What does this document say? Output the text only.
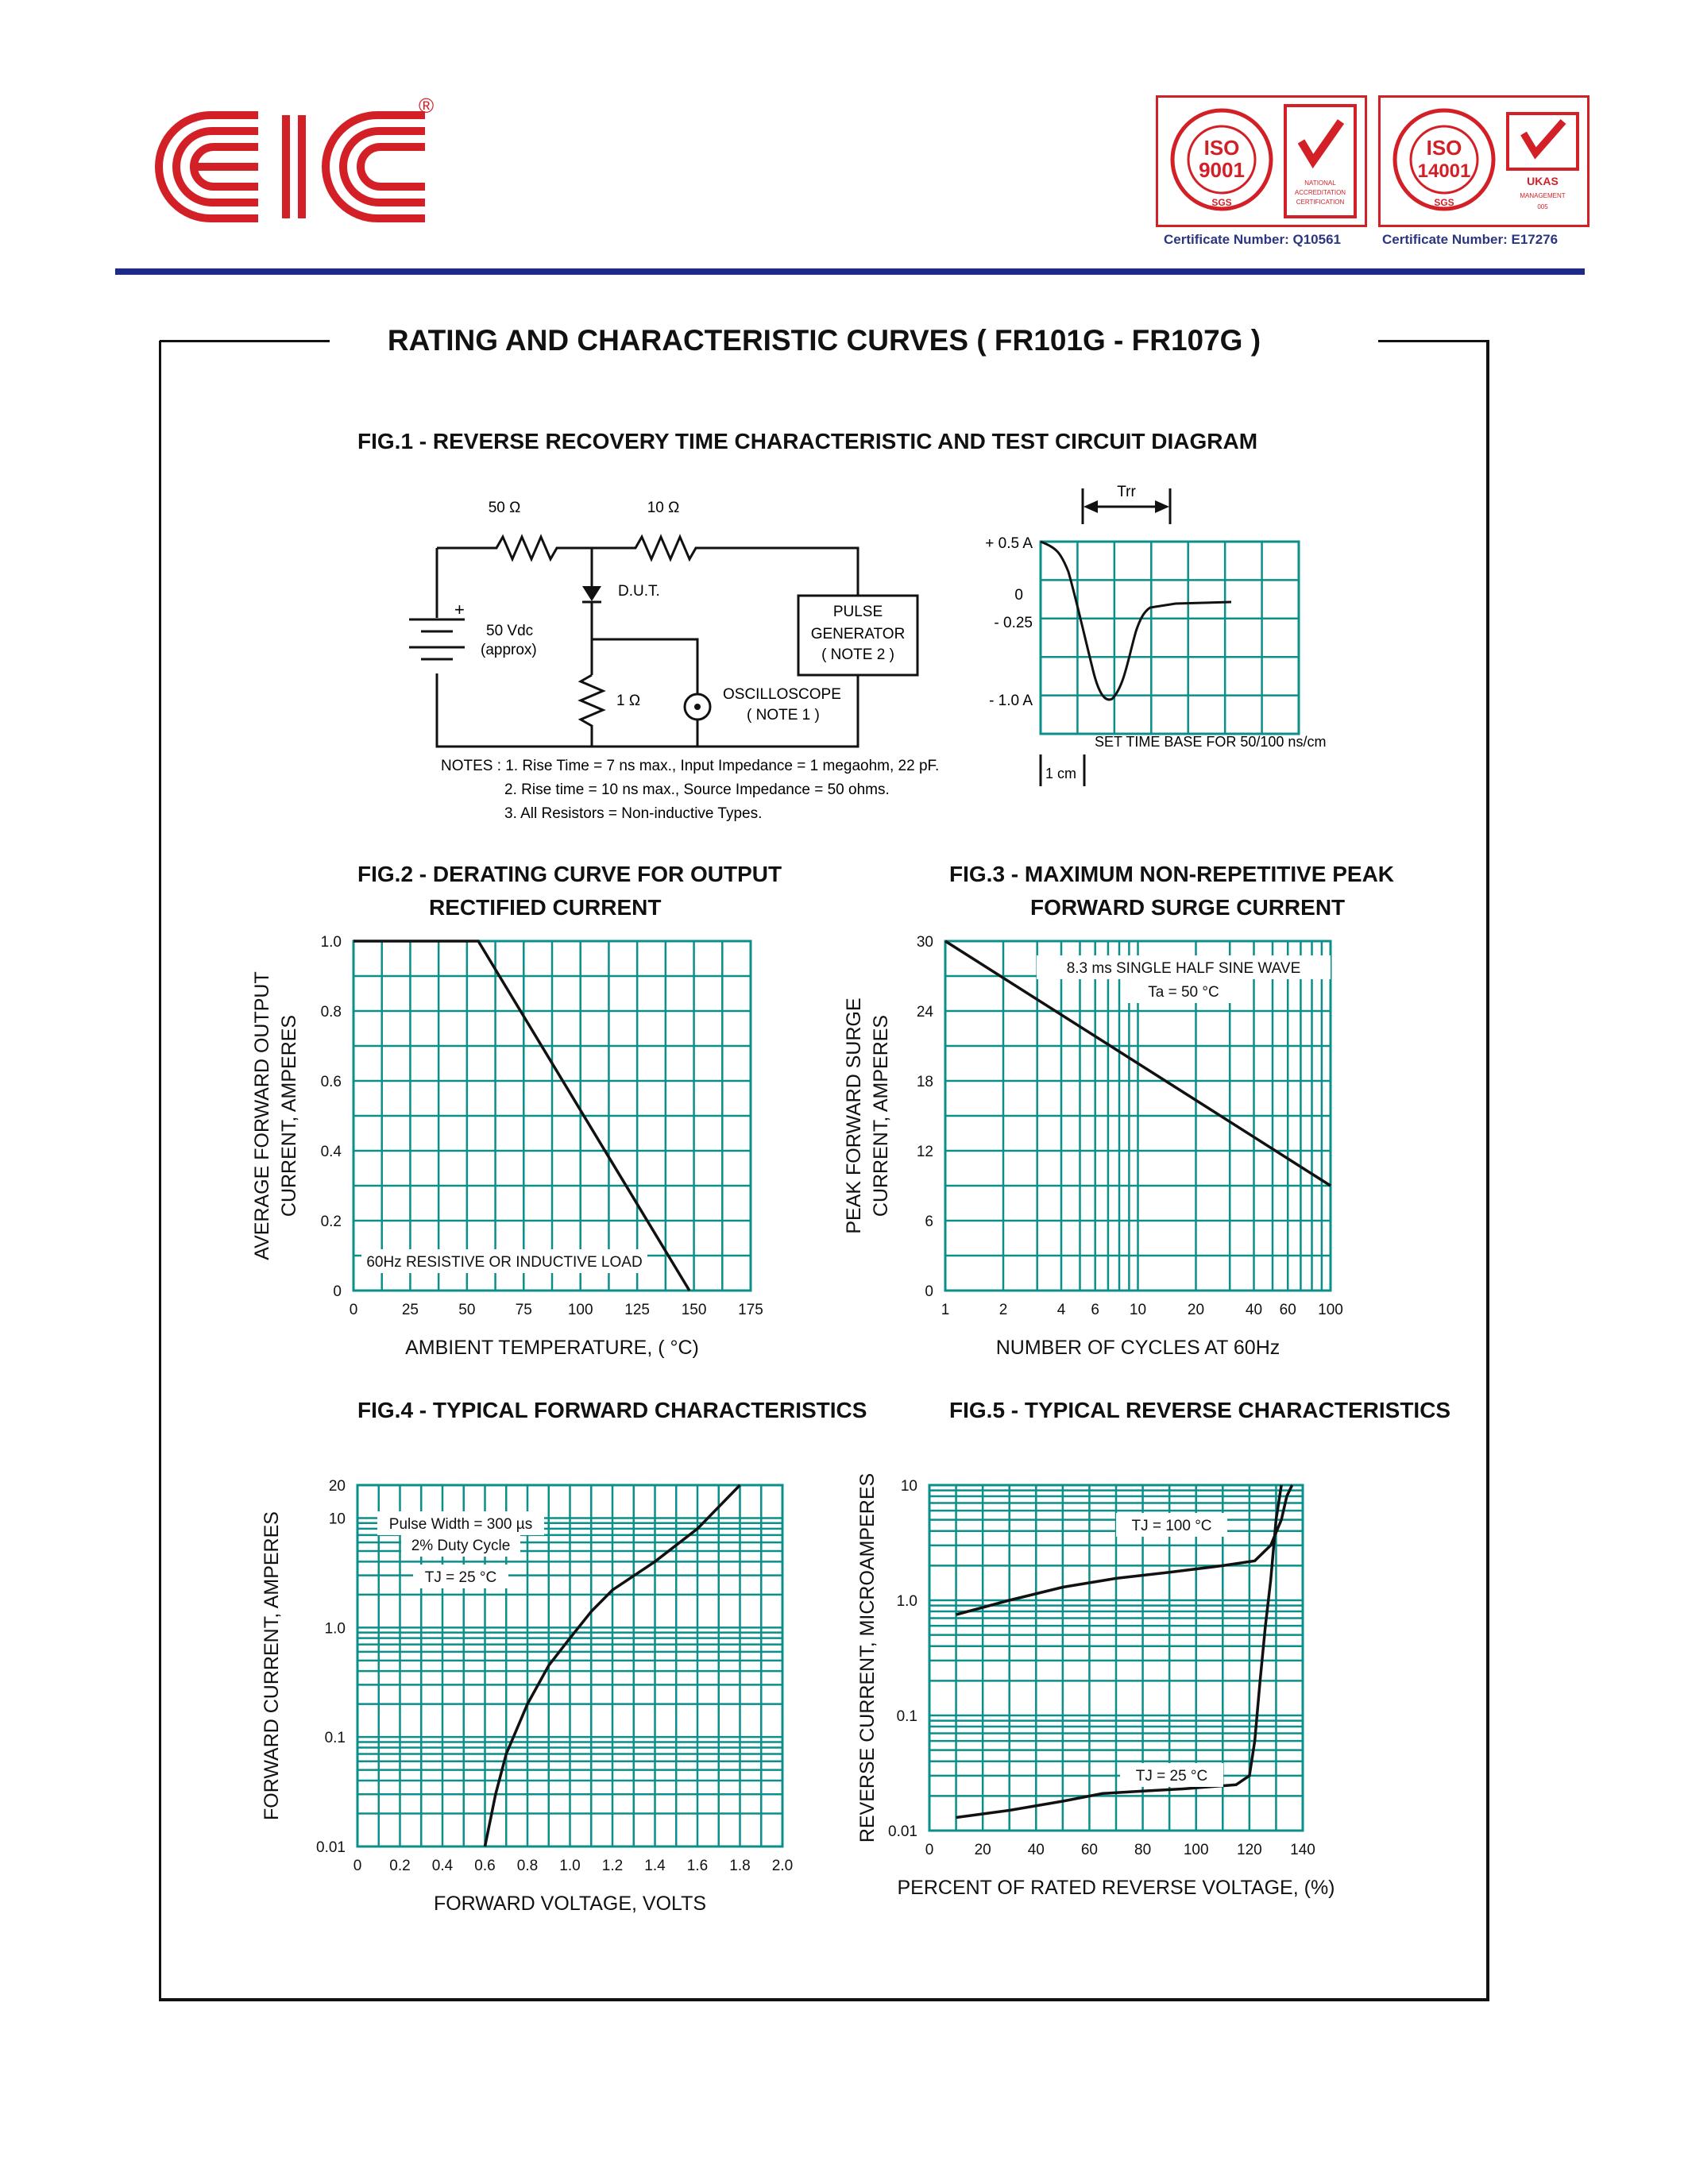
®
ISO
9001
SGS
NATIONAL
ACCREDITATION
CERTIFICATION
Certificate Number: Q10561
ISO
14001
SGS
UKAS
MANAGEMENT
005
Certificate Number: E17276
RATING AND CHARACTERISTIC CURVES ( FR101G - FR107G )
FIG.1 - REVERSE RECOVERY TIME CHARACTERISTIC AND TEST CIRCUIT DIAGRAM
50 Ω	10 Ω
D.U.T.
+
50 Vdc
(approx)
1 Ω
PULSE
GENERATOR
( NOTE 2 )
OSCILLOSCOPE
( NOTE 1 )
NOTES : 1. Rise Time = 7 ns max., Input Impedance = 1 megaohm, 22 pF.
2. Rise time = 10 ns max., Source Impedance = 50 ohms.
3. All Resistors = Non-inductive Types.
Trr
+ 0.5 A
0
- 0.25
- 1.0 A
SET TIME BASE FOR 50/100 ns/cm
1 cm
FIG.2 - DERATING CURVE FOR OUTPUT
RECTIFIED CURRENT
0	25	50	75 100 125 150 175
0
0.2
0.4
0.6
0.8
1.0
AMBIENT TEMPERATURE, ( °C)
AVERAGE FORWARD OUTPUT CURRENT, AMPERES
60Hz RESISTIVE OR INDUCTIVE LOAD
FIG.3 - MAXIMUM NON-REPETITIVE PEAK
FORWARD SURGE CURRENT
1	2	4 6 10	20	40 60 100
0
6
12
18
24
30
NUMBER OF CYCLES AT 60Hz
PEAK FORWARD SURGE CURRENT, AMPERES
8.3 ms SINGLE HALF SINE WAVE
Ta = 50 °C
FIG.4 - TYPICAL FORWARD CHARACTERISTICS
0 0.2 0.4 0.6 0.8 1.0 1.2 1.4 1.6 1.8 2.0
0.01
0.1
1.0
10
20
FORWARD VOLTAGE, VOLTS
FORWARD CURRENT, AMPERES	Pulse Width = 300 µs
2% Duty Cycle
TJ = 25 °C
FIG.5 - TYPICAL REVERSE CHARACTERISTICS
0	20 40 60 80 100 120 140
0.01
0.1
1.0
10
PERCENT OF RATED REVERSE VOLTAGE, (%)
REVERSE CURRENT, MICROAMPERES	TJ = 100 °C
TJ = 25 °C
